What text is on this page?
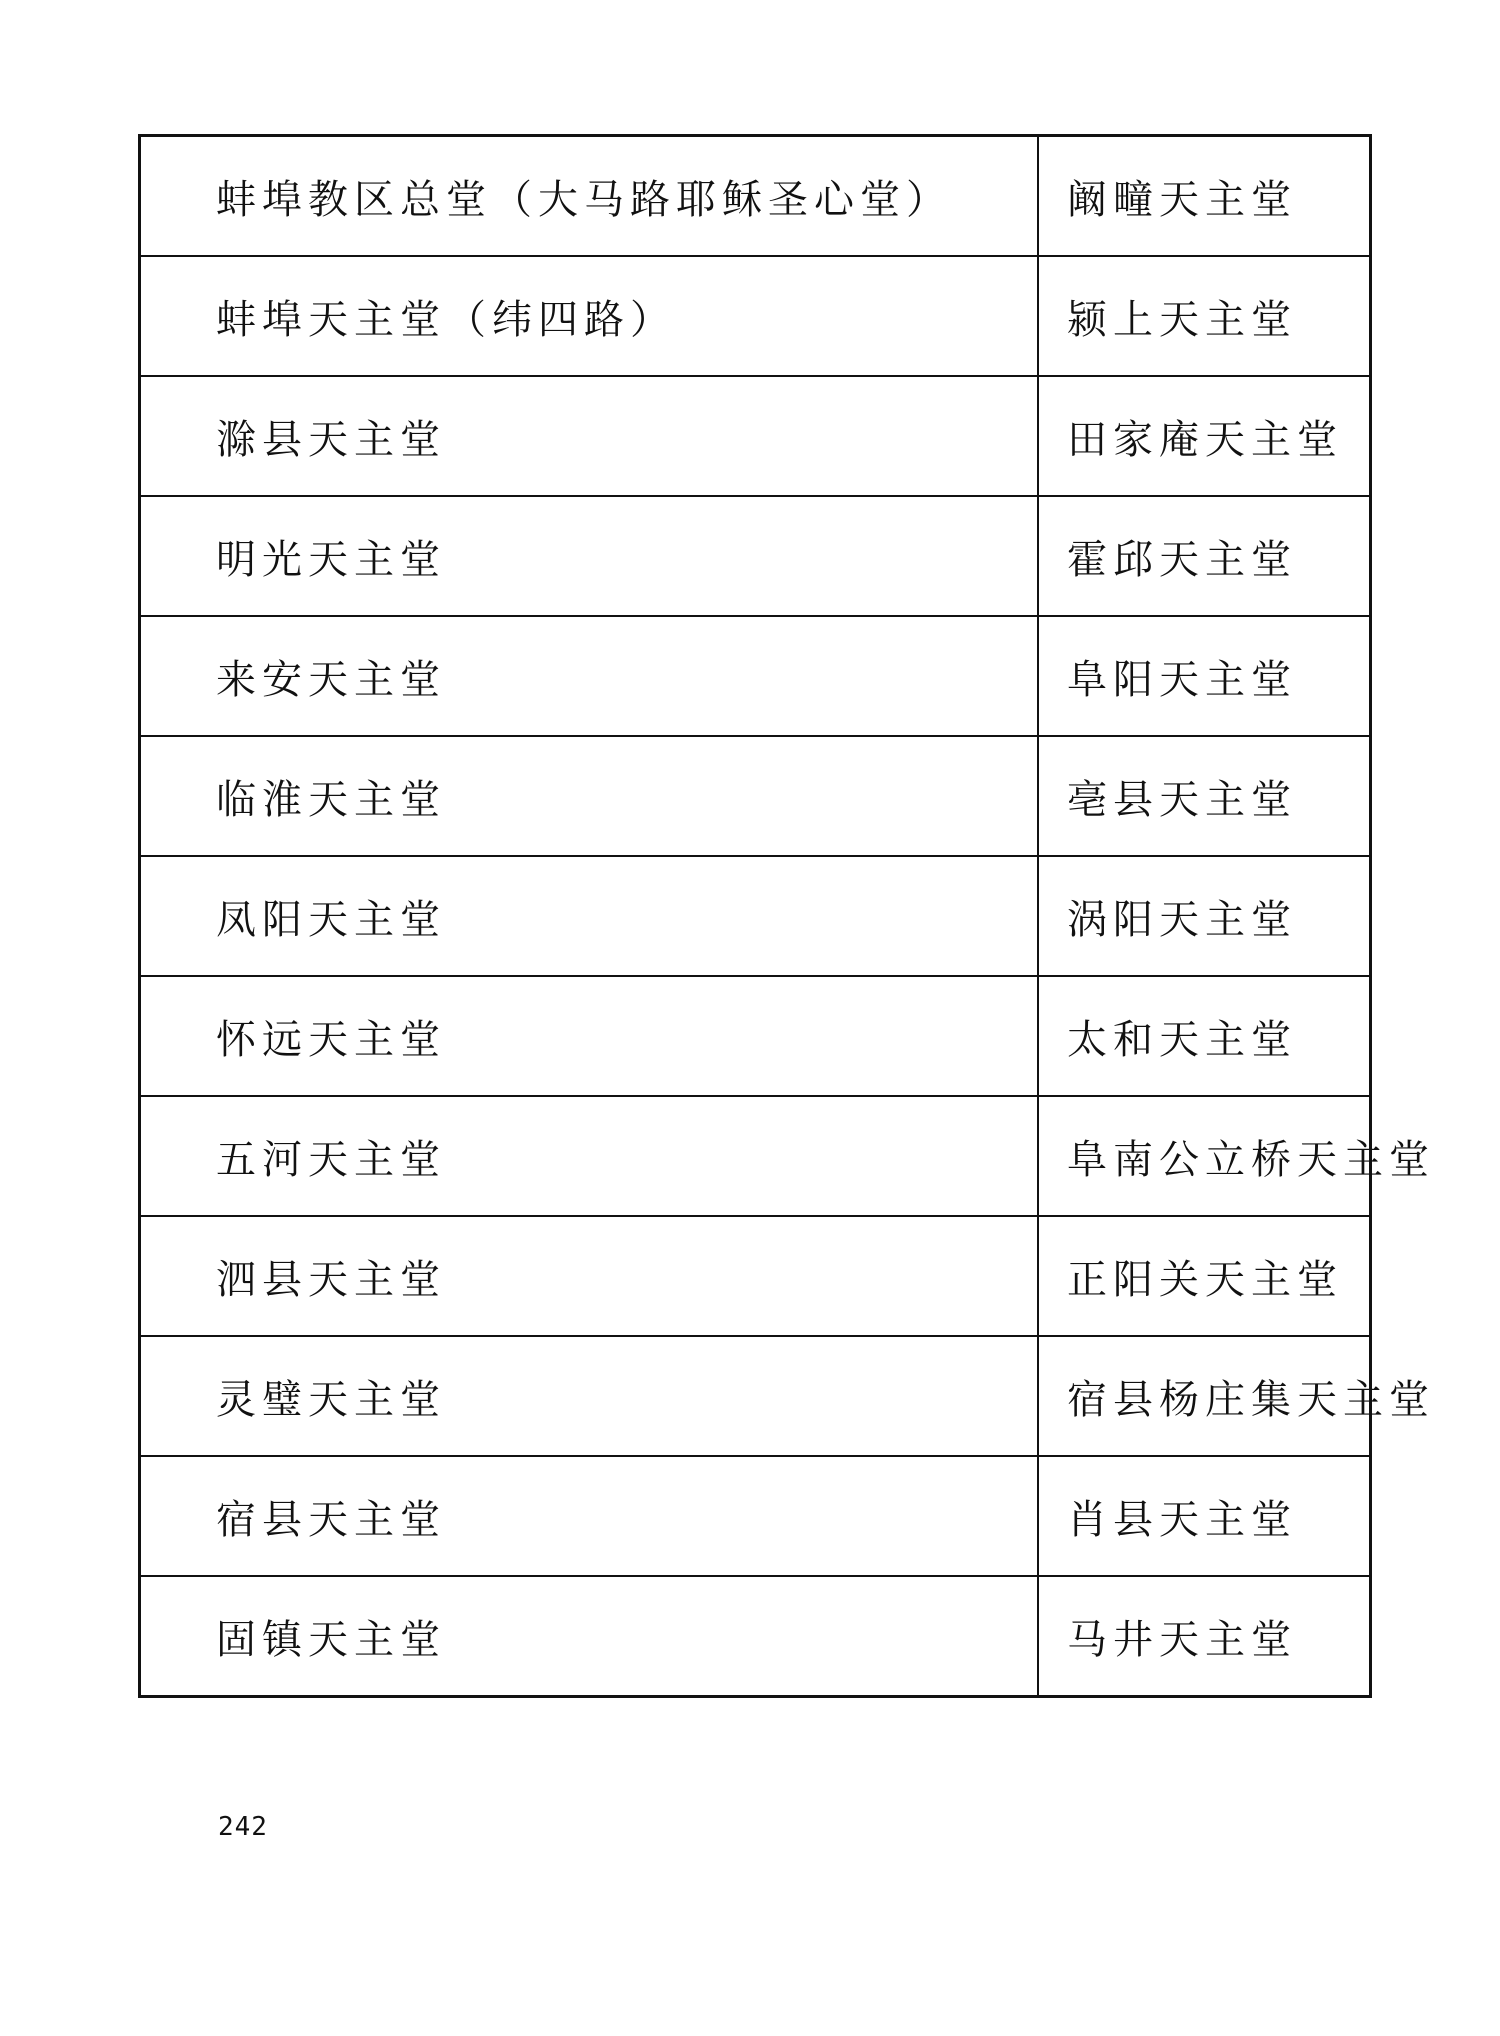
蚌埠教区总堂（大马路耶稣圣心堂）	阚疃天主堂
蚌埠天主堂（纬四路）	颍上天主堂
滁县天主堂	田家庵天主堂
明光天主堂	霍邱天主堂
来安天主堂	阜阳天主堂
临淮天主堂	亳县天主堂
凤阳天主堂	涡阳天主堂
怀远天主堂	太和天主堂
五河天主堂	阜南公立桥天主堂
泗县天主堂	正阳关天主堂
灵璧天主堂	宿县杨庄集天主堂
宿县天主堂	肖县天主堂
固镇天主堂	马井天主堂
242
